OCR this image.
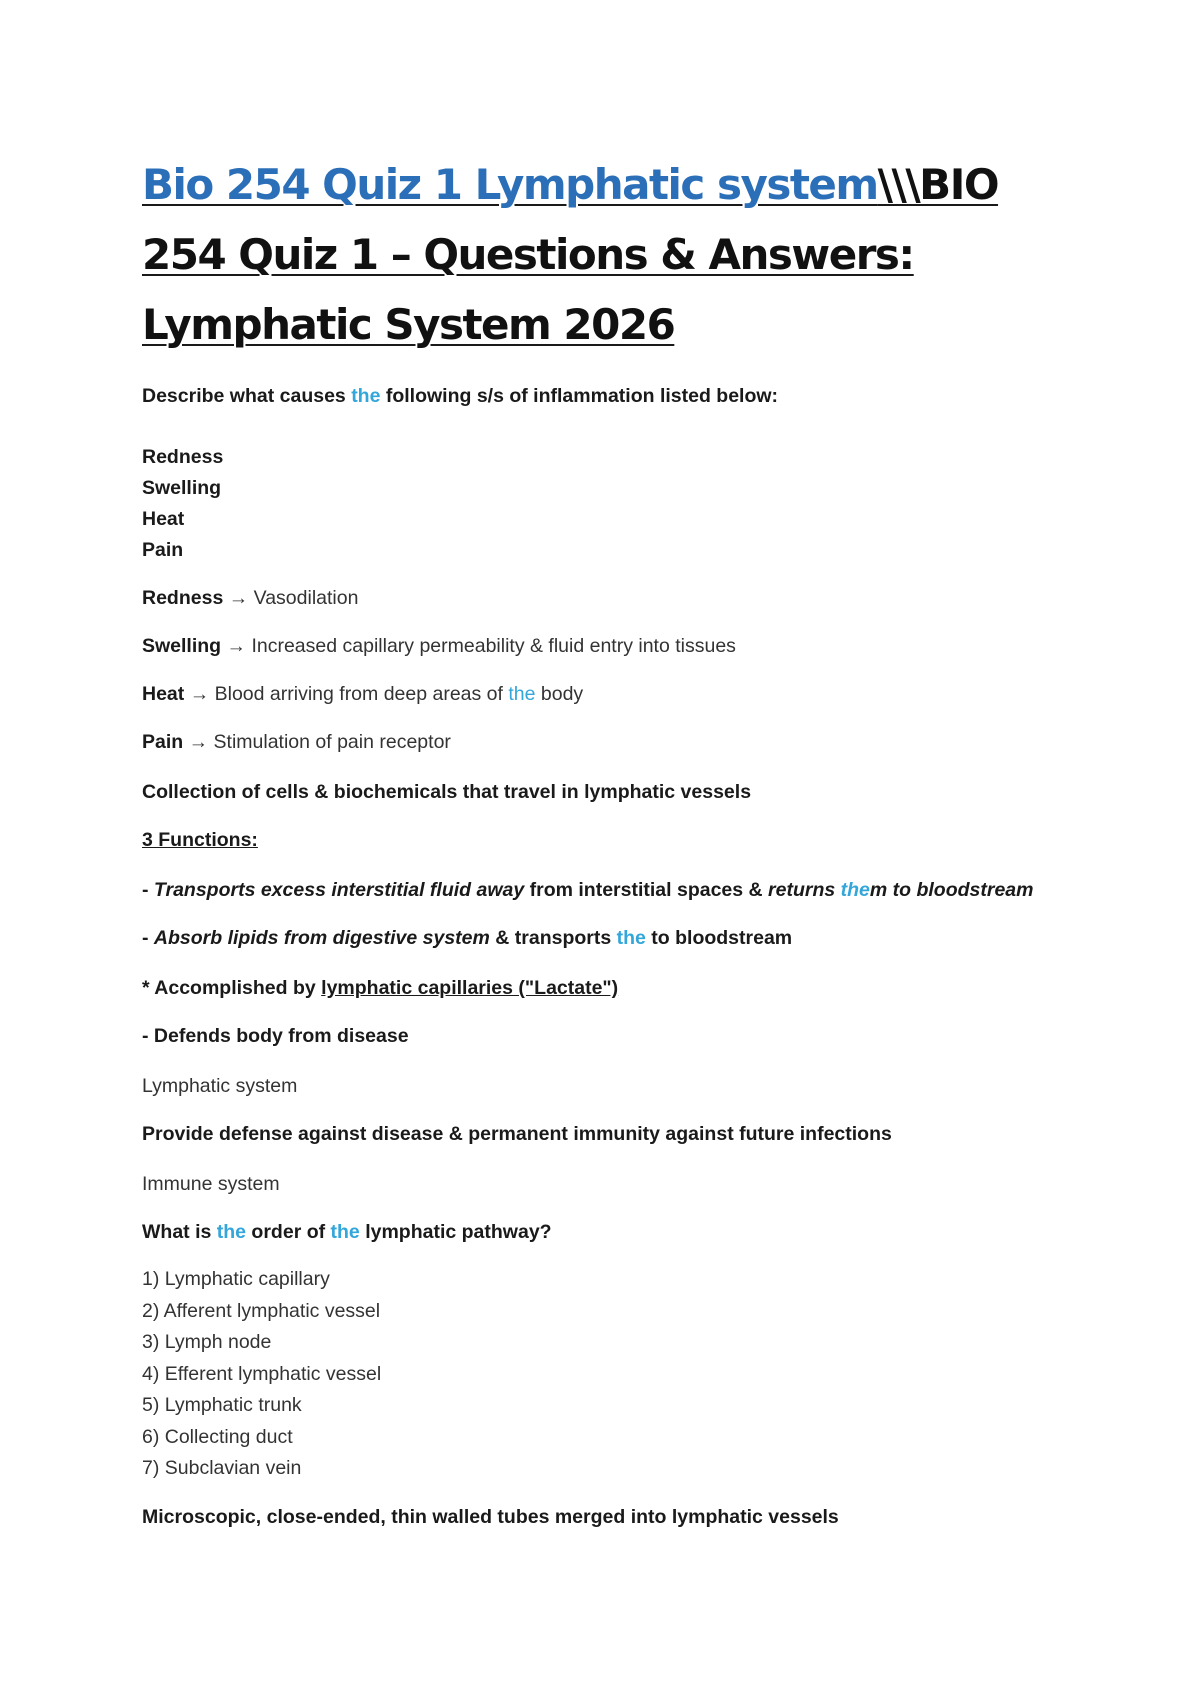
Bio 254 Quiz 1 Lymphatic system\\\BIO 254 Quiz 1 – Questions & Answers: Lymphatic System 2026

Describe what causes the following s/s of inflammation listed below:

Redness
Swelling
Heat
Pain

Redness → Vasodilation

Swelling → Increased capillary permeability & fluid entry into tissues

Heat → Blood arriving from deep areas of the body

Pain → Stimulation of pain receptor

Collection of cells & biochemicals that travel in lymphatic vessels

3 Functions:

- Transports excess interstitial fluid away from interstitial spaces & returns them to bloodstream

- Absorb lipids from digestive system & transports the to bloodstream

* Accomplished by lymphatic capillaries ("Lactate")

- Defends body from disease

Lymphatic system

Provide defense against disease & permanent immunity against future infections

Immune system

What is the order of the lymphatic pathway?

1) Lymphatic capillary
2) Afferent lymphatic vessel
3) Lymph node
4) Efferent lymphatic vessel
5) Lymphatic trunk
6) Collecting duct
7) Subclavian vein

Microscopic, close-ended, thin walled tubes merged into lymphatic vessels
